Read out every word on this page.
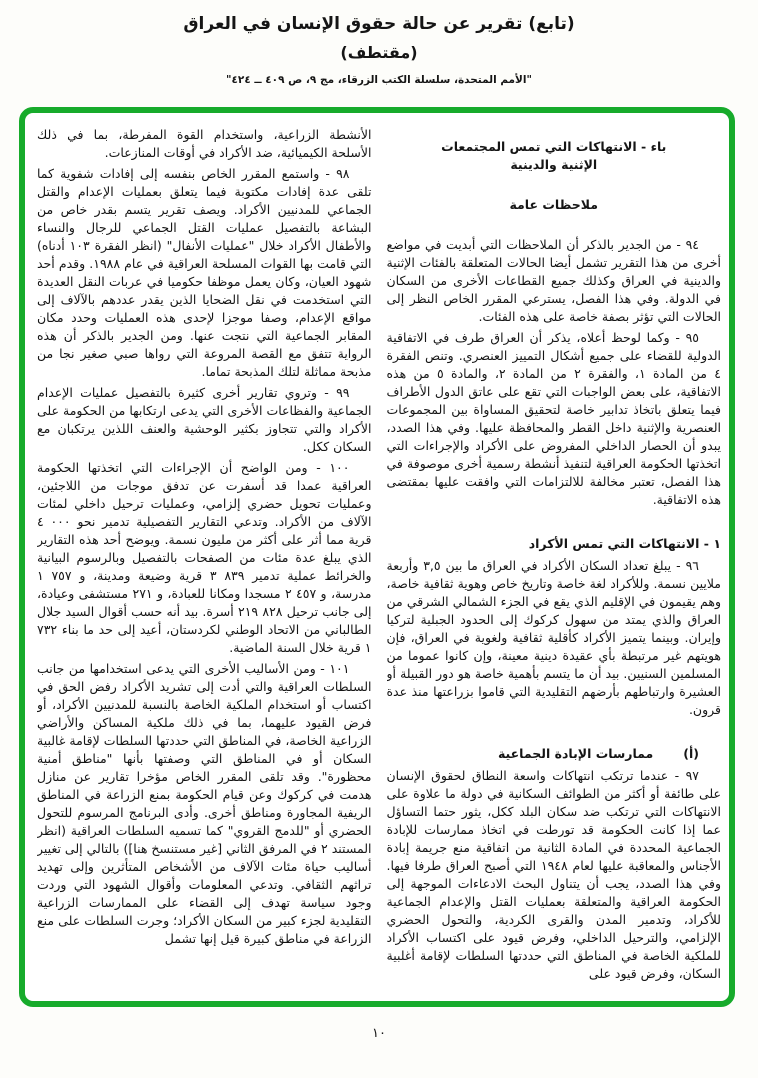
(تابع) تقرير عن حالة حقوق الإنسان في العراق
(مقتطف)
"الأمم المتحدة، سلسلة الكتب الزرقاء، مج ٩، ص ٤٠٩ ــ ٤٢٤"
باء - الانتهاكات التي تمس المجتمعات
الإثنية والدينية
ملاحظات عامة
٩٤ - من الجدير بالذكر أن الملاحظات التي أبديت في مواضع أخرى من هذا التقرير تشمل أيضا الحالات المتعلقة بالفئات الإثنية والدينية في العراق وكذلك جميع القطاعات الأخرى من السكان في الدولة. وفي هذا الفصل، يسترعي المقرر الخاص النظر إلى الحالات التي تؤثر بصفة خاصة على هذه الفئات.
٩٥ - وكما لوحظ أعلاه، يذكر أن العراق طرف في الاتفاقية الدولية للقضاء على جميع أشكال التمييز العنصري. وتنص الفقرة ٤ من المادة ١، والفقرة ٢ من المادة ٢، والمادة ٥ من هذه الاتفاقية، على بعض الواجبات التي تقع على عاتق الدول الأطراف فيما يتعلق باتخاذ تدابير خاصة لتحقيق المساواة بين المجموعات العنصرية والإثنية داخل القطر والمحافظة عليها. وفي هذا الصدد، يبدو أن الحصار الداخلي المفروض على الأكراد والإجراءات التي اتخذتها الحكومة العراقية لتنفيذ أنشطة رسمية أخرى موصوفة في هذا الفصل، تعتبر مخالفة للالتزامات التي وافقت عليها بمقتضى هذه الاتفاقية.
١ - الانتهاكات التي تمس الأكراد
٩٦ - يبلغ تعداد السكان الأكراد في العراق ما بين ٣,٥ وأربعة ملايين نسمة. وللأكراد لغة خاصة وتاريخ خاص وهوية ثقافية خاصة، وهم يقيمون في الإقليم الذي يقع في الجزء الشمالي الشرقي من العراق والذي يمتد من سهول كركوك إلى الحدود الجبلية لتركيا وإيران. وبينما يتميز الأكراد كأقلية ثقافية ولغوية في العراق، فإن هويتهم غير مرتبطة بأي عقيدة دينية معينة، وإن كانوا عموما من المسلمين السنيين. بيد أن ما يتسم بأهمية خاصة هو دور القبيلة أو العشيرة وارتباطهم بأرضهم التقليدية التي قاموا بزراعتها منذ عدة قرون.
(أ)
ممارسات الإبادة الجماعية
٩٧ - عندما ترتكب انتهاكات واسعة النطاق لحقوق الإنسان على طائفة أو أكثر من الطوائف السكانية في دولة ما علاوة على الانتهاكات التي ترتكب ضد سكان البلد ككل، يثور حتما التساؤل عما إذا كانت الحكومة قد تورطت في اتخاذ ممارسات للإبادة الجماعية المحددة في المادة الثانية من اتفاقية منع جريمة إبادة الأجناس والمعاقبة عليها لعام ١٩٤٨ التي أصبح العراق طرفا فيها. وفي هذا الصدد، يجب أن يتناول البحث الادعاءات الموجهة إلى الحكومة العراقية والمتعلقة بعمليات القتل والإعدام الجماعية للأكراد، وتدمير المدن والقرى الكردية، والتحول الحضري الإلزامي، والترحيل الداخلي، وفرض قيود على اكتساب الأكراد للملكية الخاصة في المناطق التي حددتها السلطات لإقامة أغلبية السكان، وفرض قيود على
الأنشطة الزراعية، واستخدام القوة المفرطة، بما في ذلك الأسلحة الكيميائية، ضد الأكراد في أوقات المنازعات.
٩٨ - واستمع المقرر الخاص بنفسه إلى إفادات شفوية كما تلقى عدة إفادات مكتوبة فيما يتعلق بعمليات الإعدام والقتل الجماعي للمدنيين الأكراد. ويصف تقرير يتسم بقدر خاص من البشاعة بالتفصيل عمليات القتل الجماعي للرجال والنساء والأطفال الأكراد خلال "عمليات الأنفال" (انظر الفقرة ١٠٣ أدناه) التي قامت بها القوات المسلحة العراقية في عام ١٩٨٨. وقدم أحد شهود العيان، وكان يعمل موظفا حكوميا في عربات النقل العديدة التي استخدمت في نقل الضحايا الذين يقدر عددهم بالآلاف إلى مواقع الإعدام، وصفا موجزا لإحدى هذه العمليات وحدد مكان المقابر الجماعية التي نتجت عنها. ومن الجدير بالذكر أن هذه الرواية تتفق مع القصة المروعة التي رواها صبي صغير نجا من مذبحة مماثلة لتلك المذبحة تماما.
٩٩ - وتروي تقارير أخرى كثيرة بالتفصيل عمليات الإعدام الجماعية والفظاعات الأخرى التي يدعى ارتكابها من الحكومة على الأكراد والتي تتجاوز بكثير الوحشية والعنف اللذين يرتكبان مع السكان ككل.
١٠٠ - ومن الواضح أن الإجراءات التي اتخذتها الحكومة العراقية عمدا قد أسفرت عن تدفق موجات من اللاجئين، وعمليات تحويل حضري إلزامي، وعمليات ترحيل داخلي لمئات الآلاف من الأكراد. وتدعي التقارير التفصيلية تدمير نحو ٠٠٠ ٤ قرية مما أثر على أكثر من مليون نسمة. ويوضح أحد هذه التقارير الذي يبلغ عدة مئات من الصفحات بالتفصيل وبالرسوم البيانية والخرائط عملية تدمير ٨٣٩ ٣ قرية وضيعة ومدينة، و ٧٥٧ ١ مدرسة، و ٤٥٧ ٢ مسجدا ومكانا للعبادة، و ٢٧١ مستشفى وعيادة، إلى جانب ترحيل ٨٢٨ ٢١٩ أسرة. بيد أنه حسب أقوال السيد جلال الطالباني من الاتحاد الوطني لكردستان، أعيد إلى حد ما بناء ٧٣٢ ١ قرية خلال السنة الماضية.
١٠١ - ومن الأساليب الأخرى التي يدعى استخدامها من جانب السلطات العراقية والتي أدت إلى تشريد الأكراد رفض الحق في اكتساب أو استخدام الملكية الخاصة بالنسبة للمدنيين الأكراد، أو فرض القيود عليهما، بما في ذلك ملكية المساكن والأراضي الزراعية الخاصة، في المناطق التي حددتها السلطات لإقامة غالبية السكان أو في المناطق التي وصفتها بأنها "مناطق أمنية محظورة". وقد تلقى المقرر الخاص مؤخرا تقارير عن منازل هدمت في كركوك وعن قيام الحكومة بمنع الزراعة في المناطق الريفية المجاورة ومناطق أخرى. وأدى البرنامج المرسوم للتحول الحضري أو "للدمج القروي" كما تسميه السلطات العراقية (انظر المستند ٢ في المرفق الثاني [غير مستنسخ هنا]) بالتالي إلى تغيير أساليب حياة مئات الآلاف من الأشخاص المتأثرين وإلى تهديد تراثهم الثقافي. وتدعي المعلومات وأقوال الشهود التي وردت وجود سياسة تهدف إلى القضاء على الممارسات الزراعية التقليدية لجزء كبير من السكان الأكراد؛ وجرت السلطات على منع الزراعة في مناطق كبيرة قيل إنها تشمل
١٠
